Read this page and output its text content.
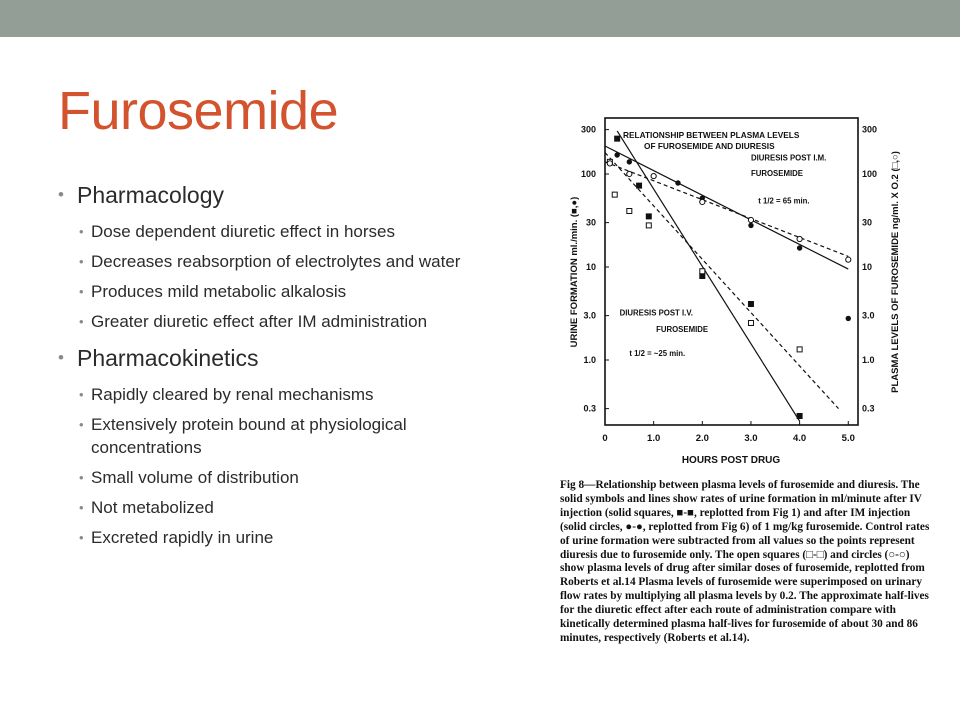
Furosemide

• Pharmacology

• Dose dependent diuretic effect in horses

• Decreases reabsorption of electrolytes and water

• Produces mild metabolic alkalosis

• Greater diuretic effect after IM administration

• Pharmacokinetics

• Rapidly cleared by renal mechanisms

• Extensively protein bound at physiological concentrations

• Small volume of distribution

• Not metabolized

• Excreted rapidly in urine

RELATIONSHIP BETWEEN PLASMA LEVELS
OF FUROSEMIDE AND DIURESIS
300
100
30
10
3.0
1.0
0.3
300
100
30
10
3.0
1.0
0.3
0	1.0	2.0	3.0	4.0	5.0
DIURESIS POST I.M.
FUROSEMIDE
t 1/2 = 65 min.
DIURESIS POST I.V.
FUROSEMIDE
t 1/2 = ~25 min.
HOURS POST DRUG
URINE FORMATION ml./min. (■,●)	PLASMA LEVELS OF FUROSEMIDE ng/ml. X O.2 (□,○)

Fig 8—Relationship between plasma levels of furosemide and diuresis. The solid symbols and lines show rates of urine formation in ml/minute after IV injection (solid squares, ■-■, replotted from Fig 1) and after IM injection (solid circles, ●-●, replotted from Fig 6) of 1 mg/kg furosemide. Control rates of urine formation were subtracted from all values so the points represent diuresis due to furosemide only. The open squares (□-□) and circles (○-○) show plasma levels of drug after similar doses of furosemide, replotted from Roberts et al.14 Plasma levels of furosemide were superimposed on urinary flow rates by multiplying all plasma levels by 0.2. The approximate half-lives for the diuretic effect after each route of administration compare with kinetically determined plasma half-lives for furosemide of about 30 and 86 minutes, respectively (Roberts et al.14).
